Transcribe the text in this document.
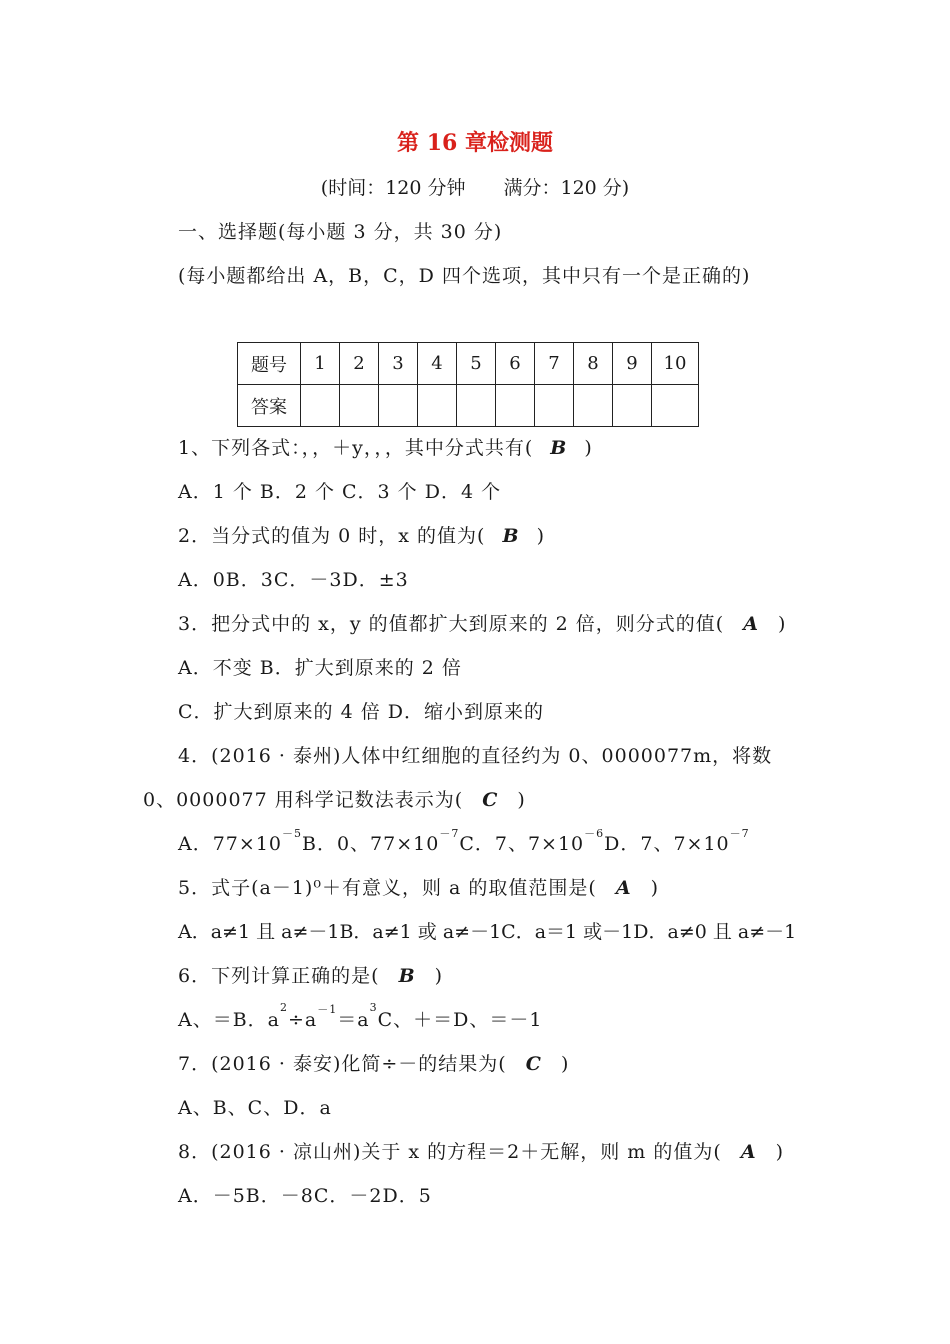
第 16 章检测题
(时间：120 分钟　　满分：120 分)
一、选择题(每小题 3 分，共 30 分)
(每小题都给出 A，B，C，D 四个选项，其中只有一个是正确的)
题号	1	2	3	4	5	6	7	8	9	10
答案										
1、下列各式：，，＋y，，，其中分式共有( B )
A．1 个 B．2 个 C．3 个 D．4 个
2．当分式的值为 0 时，x 的值为( B )
A．0B．3C．－3D．±3
3．把分式中的 x，y 的值都扩大到原来的 2 倍，则分式的值( A )
A．不变 B．扩大到原来的 2 倍
C．扩大到原来的 4 倍 D．缩小到原来的
4．(2016 · 泰州)人体中红细胞的直径约为 0、0000077m，将数
0、0000077 用科学记数法表示为( C )
A．$77\times 10^{-5}B$．0、$77\times 10^{-7}C$．7、$7\times 10^{-6}D$．7、$7\times 10^{-7}$
5．式子(a－1)⁰＋有意义，则 a 的取值范围是( A )
A．a≠1 且 a≠－1B．a≠1 或 a≠－1C．a＝1 或－1D．a≠0 且 a≠－1
6．下列计算正确的是( B )
A、＝B．$a^2\div a^{-1}=a^3C$、＋＝D、＝－1
7．(2016 · 泰安)化简÷－的结果为( C )
A、B、C、D．a
8．(2016 · 凉山州)关于 x 的方程＝2＋无解，则 m 的值为( A )
A．－5B．－8C．－2D．5
